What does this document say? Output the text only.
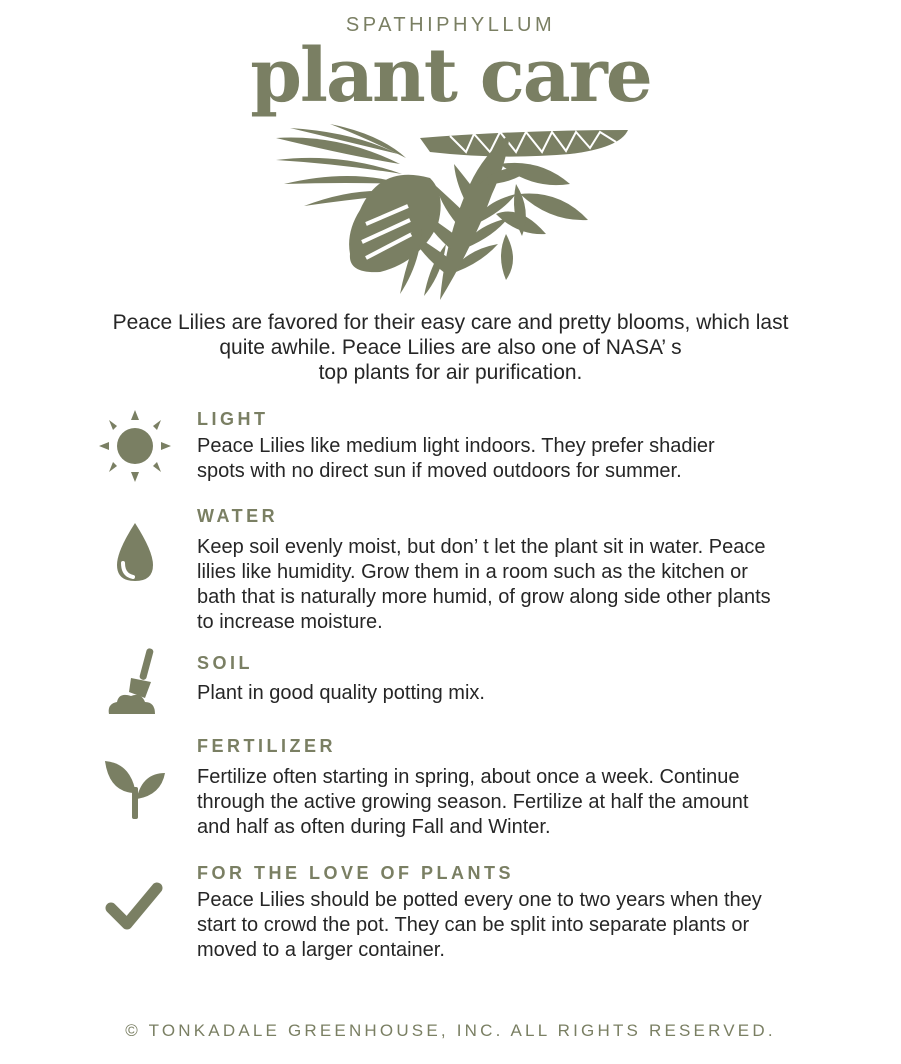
SPATHIPHYLLUM
plant care
Peace Lilies are favored for their easy care and pretty blooms, which last
quite awhile. Peace Lilies are also one of NASA’ s
top plants for air purification.
LIGHT
Peace Lilies like medium light indoors. They prefer shadier
spots with no direct sun if moved outdoors for summer.
WATER
Keep soil evenly moist, but don’ t let the plant sit in water. Peace
lilies like humidity. Grow them in a room such as the kitchen or
bath that is naturally more humid, of grow along side other plants
to increase moisture.
SOIL
Plant in good quality potting mix.
FERTILIZER
Fertilize often starting in spring, about once a week. Continue
through the active growing season. Fertilize at half the amount
and half as often during Fall and Winter.
FOR THE LOVE OF PLANTS
Peace Lilies should be potted every one to two years when they
start to crowd the pot. They can be split into separate plants or
moved to a larger container.
© TONKADALE GREENHOUSE, INC. ALL RIGHTS RESERVED.
